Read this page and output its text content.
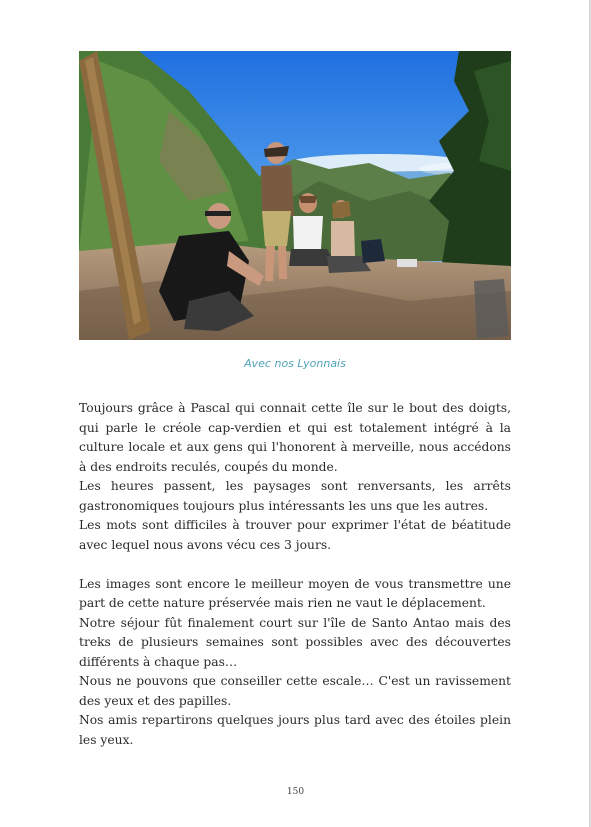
Avec nos Lyonnais

Toujours grâce à Pascal qui connait cette île sur le bout des doigts, qui parle le créole cap-verdien et qui est totalement intégré à la culture locale et aux gens qui l'honorent à merveille, nous accédons à des endroits reculés, coupés du monde.

Les heures passent, les paysages sont renversants, les arrêts gastronomiques toujours plus intéressants les uns que les autres.

Les mots sont difficiles à trouver pour exprimer l'état de béatitude avec lequel nous avons vécu ces 3 jours.

Les images sont encore le meilleur moyen de vous transmettre une part de cette nature préservée mais rien ne vaut le déplacement.

Notre séjour fût finalement court sur l'île de Santo Antao mais des treks de plusieurs semaines sont possibles avec des découvertes différents à chaque pas…

Nous ne pouvons que conseiller cette escale… C'est un ravissement des yeux et des papilles.

Nos amis repartirons quelques jours plus tard avec des étoiles plein les yeux.

150
